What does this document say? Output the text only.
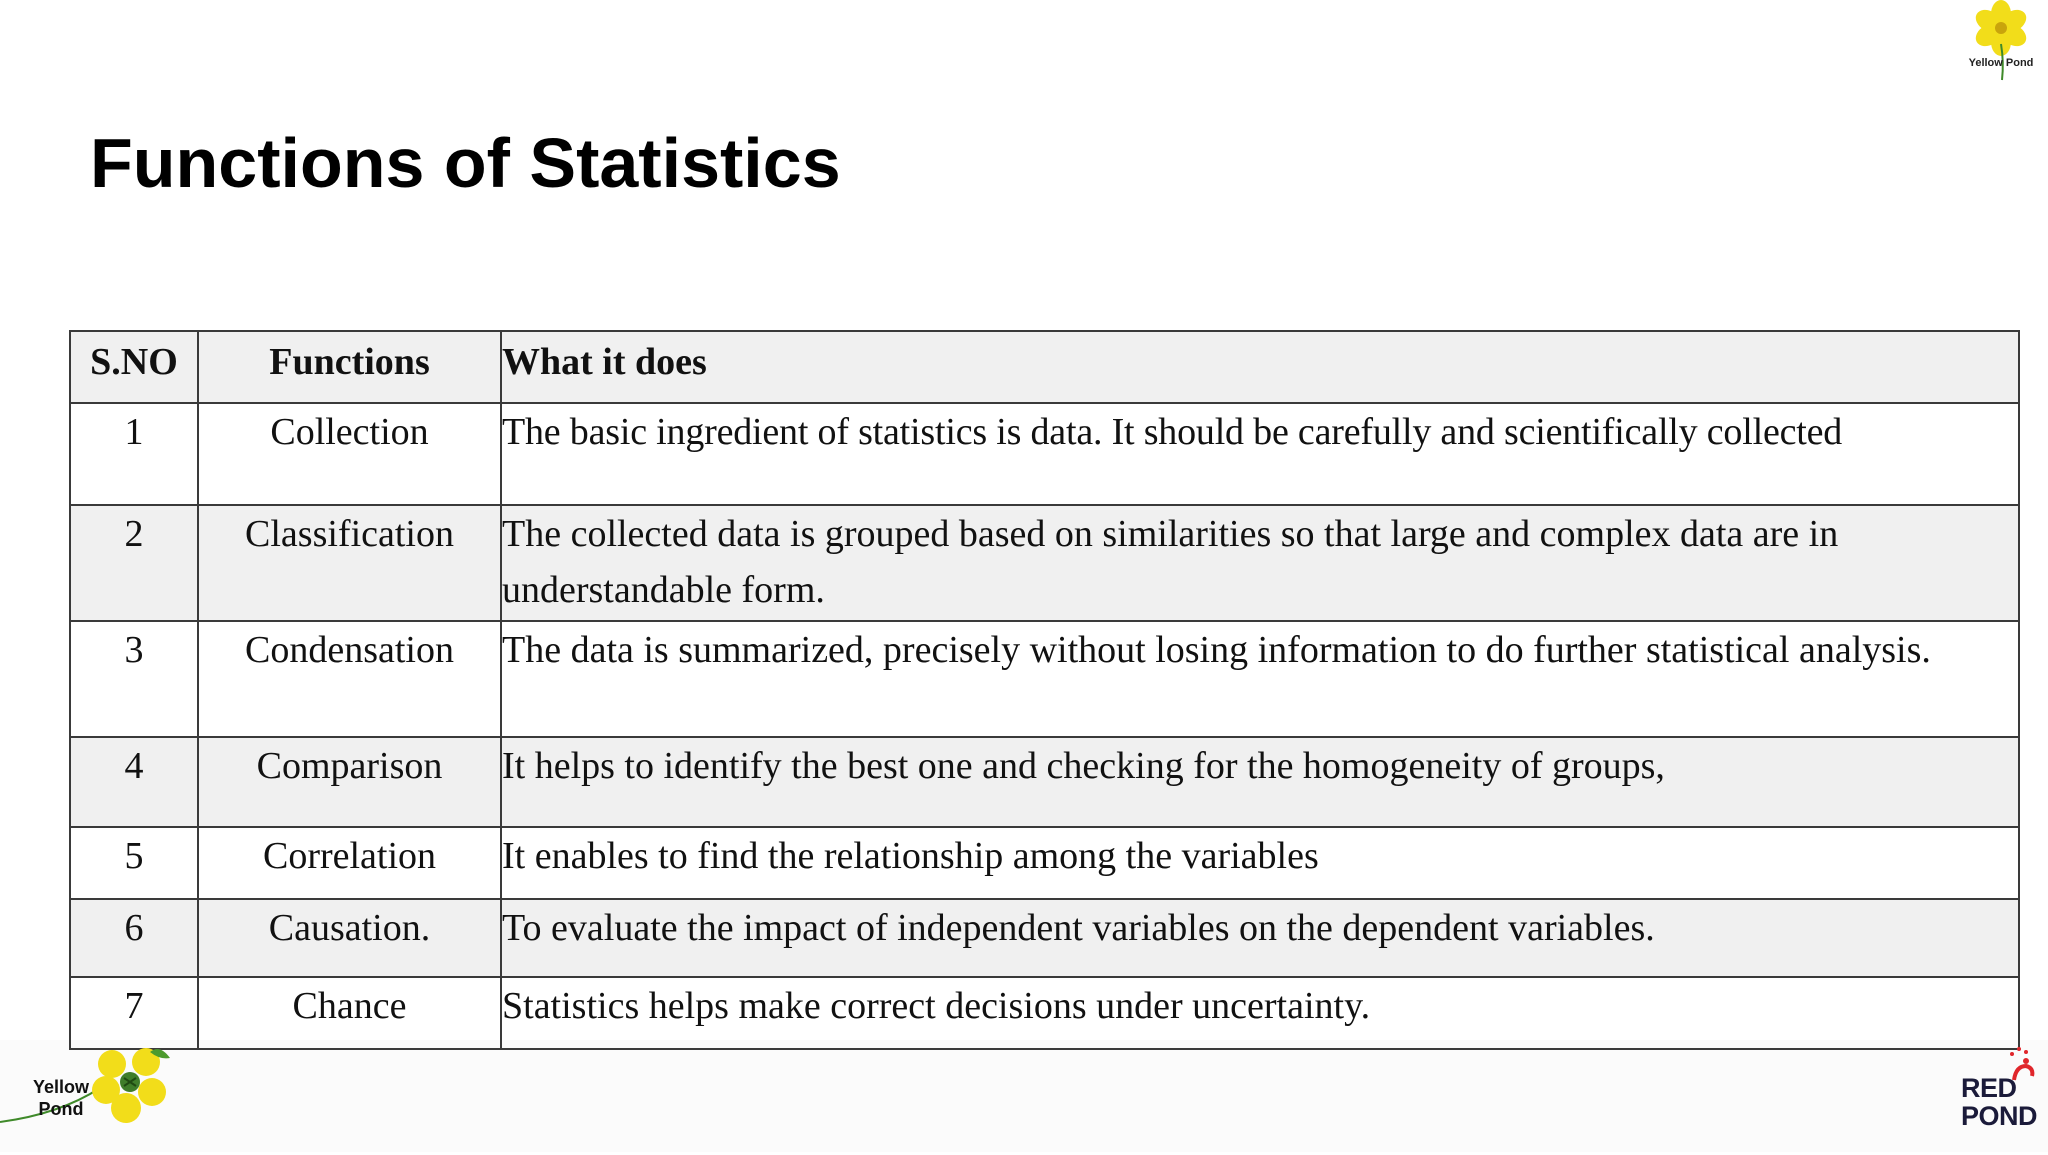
Functions of Statistics
S.NO	Functions	What it does
1	Collection	The basic ingredient of statistics is data. It should be carefully and scientifically collected
2	Classification	The collected data is grouped based on similarities so that large and complex data are in understandable form.
3	Condensation	The data is summarized, precisely without losing information to do further statistical analysis.
4	Comparison	It helps to identify the best one and checking for the homogeneity of groups,
5	Correlation	It enables to find the relationship among the variables
6	Causation.	To evaluate the impact of independent variables on the dependent variables.
7	Chance	Statistics helps make correct decisions under uncertainty.
Yellow Pond
Yellow
Pond
RED
POND
